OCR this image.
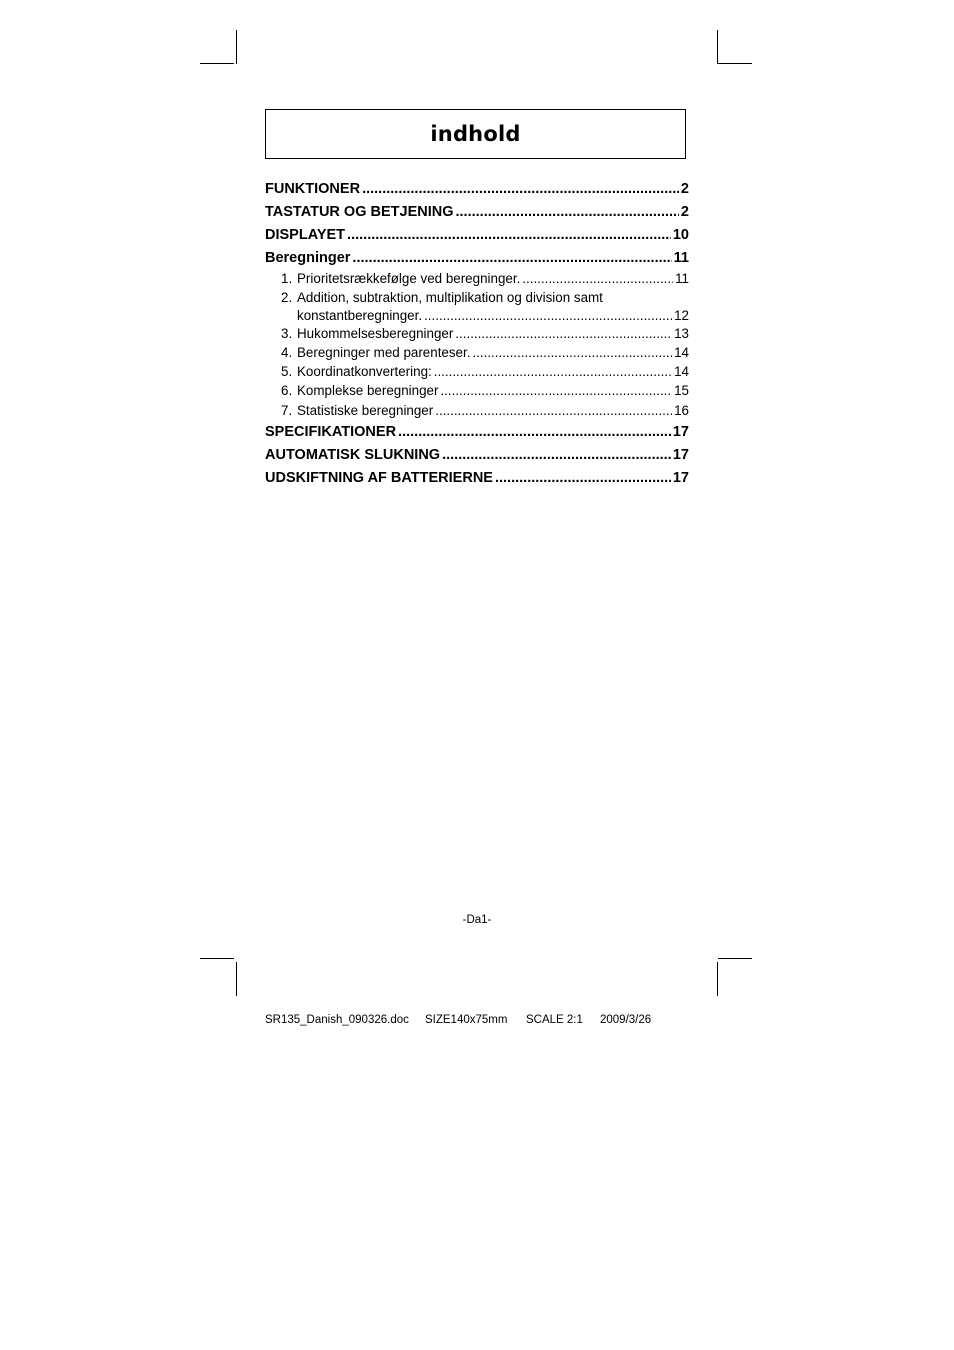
indhold
FUNKTIONER .....	2
TASTATUR OG BETJENING .....	2
DISPLAYET .....	10
Beregninger .....	11
1. Prioritetsrækkefølge ved beregninger. .....	11
2. Addition, subtraktion, multiplikation og division samt
konstantberegninger. .....	12
3. Hukommelsesberegninger .....	13
4. Beregninger med parenteser. .....	14
5. Koordinatkonvertering: .....	14
6. Komplekse beregninger .....	15
7. Statistiske beregninger .....	16
SPECIFIKATIONER .....	17
AUTOMATISK SLUKNING .....	17
UDSKIFTNING AF BATTERIERNE .....	17
-Da1-
SR135_Danish_090326.doc SIZE140x75mm SCALE 2:1 2009/3/26
